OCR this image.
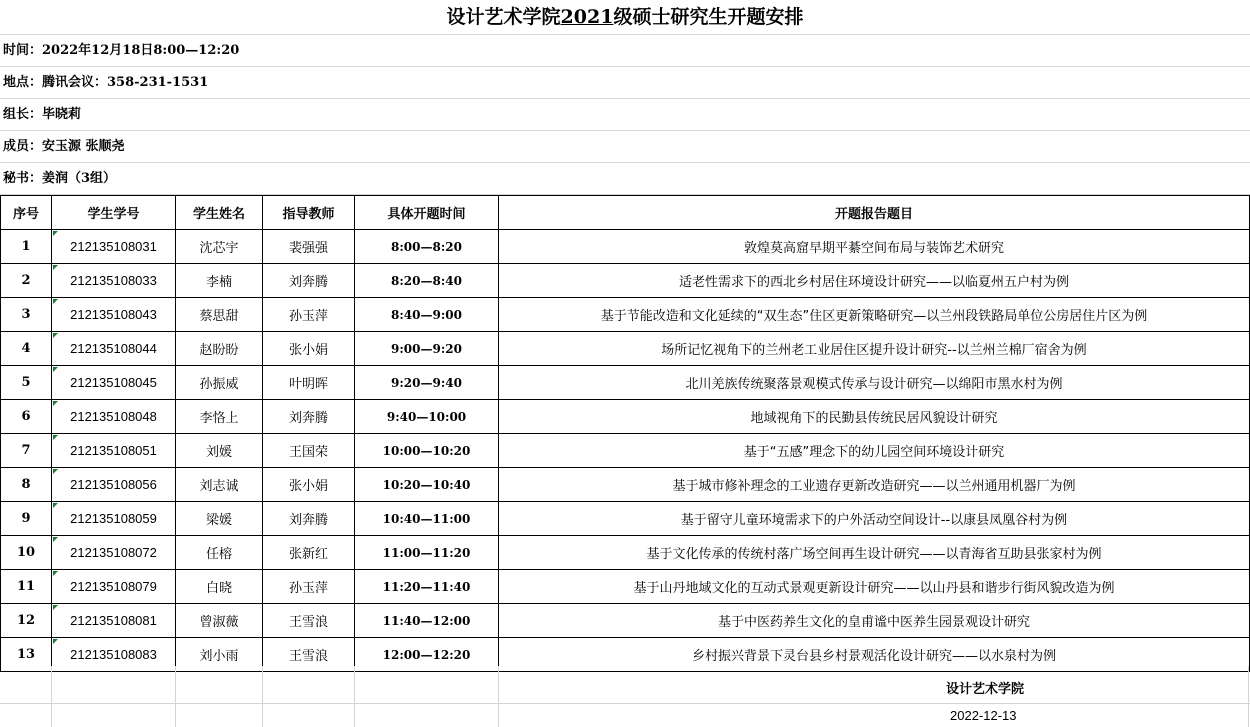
设计艺术学院2021级硕士研究生开题安排
时间：2022年12月18日8:00—12:20
地点：腾讯会议：358-231-1531
组长：毕晓莉
成员：安玉源 张顺尧
秘书：姜润（3组）
序号	学生学号	学生姓名	指导教师	具体开题时间	开题报告题目
1	212135108031	沈芯宇	裴强强	8:00—8:20	敦煌莫高窟早期平綦空间布局与装饰艺术研究
2	212135108033	李楠	刘奔腾	8:20—8:40	适老性需求下的西北乡村居住环境设计研究——以临夏州五户村为例
3	212135108043	蔡思甜	孙玉萍	8:40—9:00	基于节能改造和文化延续的“双生态”住区更新策略研究—以兰州段铁路局单位公房居住片区为例
4	212135108044	赵盼盼	张小娟	9:00—9:20	场所记忆视角下的兰州老工业居住区提升设计研究--以兰州兰棉厂宿舍为例
5	212135108045	孙振威	叶明晖	9:20—9:40	北川羌族传统聚落景观模式传承与设计研究—以绵阳市黑水村为例
6	212135108048	李恪上	刘奔腾	9:40—10:00	地域视角下的民勤县传统民居风貌设计研究
7	212135108051	刘媛	王国荣	10:00—10:20	基于“五感”理念下的幼儿园空间环境设计研究
8	212135108056	刘志诚	张小娟	10:20—10:40	基于城市修补理念的工业遗存更新改造研究——以兰州通用机器厂为例
9	212135108059	梁媛	刘奔腾	10:40—11:00	基于留守儿童环境需求下的户外活动空间设计--以康县凤凰谷村为例
10	212135108072	任榕	张新红	11:00—11:20	基于文化传承的传统村落广场空间再生设计研究——以青海省互助县张家村为例
11	212135108079	白晓	孙玉萍	11:20—11:40	基于山丹地域文化的互动式景观更新设计研究——以山丹县和谐步行街风貌改造为例
12	212135108081	曾淑薇	王雪浪	11:40—12:00	基于中医药养生文化的皇甫谧中医养生园景观设计研究
13	212135108083	刘小雨	王雪浪	12:00—12:20	乡村振兴背景下灵台县乡村景观活化设计研究——以水泉村为例
设计艺术学院
2022-12-13
